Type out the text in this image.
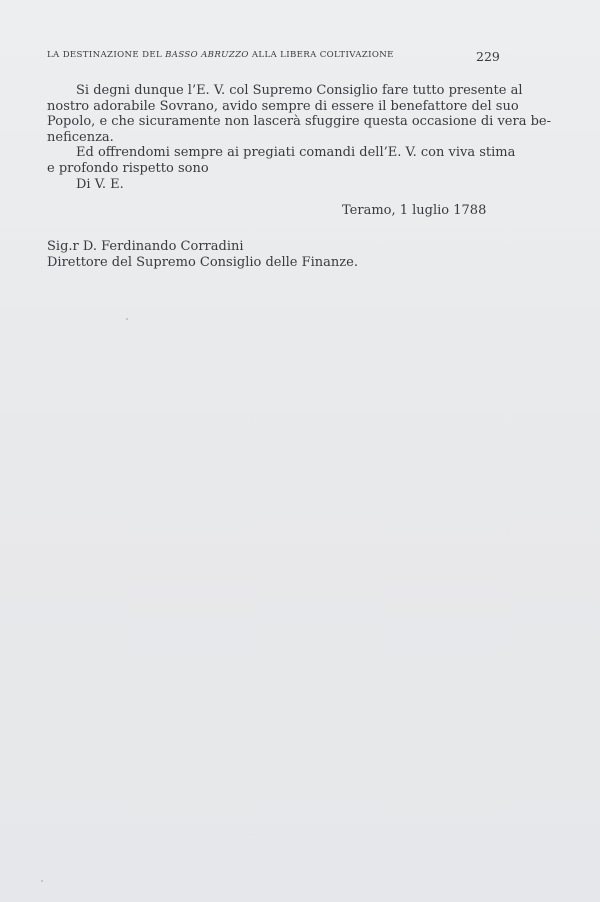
LA DESTINAZIONE DEL BASSO ABRUZZO ALLA LIBERA COLTIVAZIONE	229
Si degni dunque l’E. V. col Supremo Consiglio fare tutto presente al
nostro adorabile Sovrano, avido sempre di essere il benefattore del suo
Popolo, e che sicuramente non lascerà sfuggire questa occasione di vera be-
neficenza.
Ed offrendomi sempre ai pregiati comandi dell’E. V. con viva stima
e profondo rispetto sono
Di V. E.
Teramo, 1 luglio 1788
Sig.r D. Ferdinando Corradini
Direttore del Supremo Consiglio delle Finanze.
